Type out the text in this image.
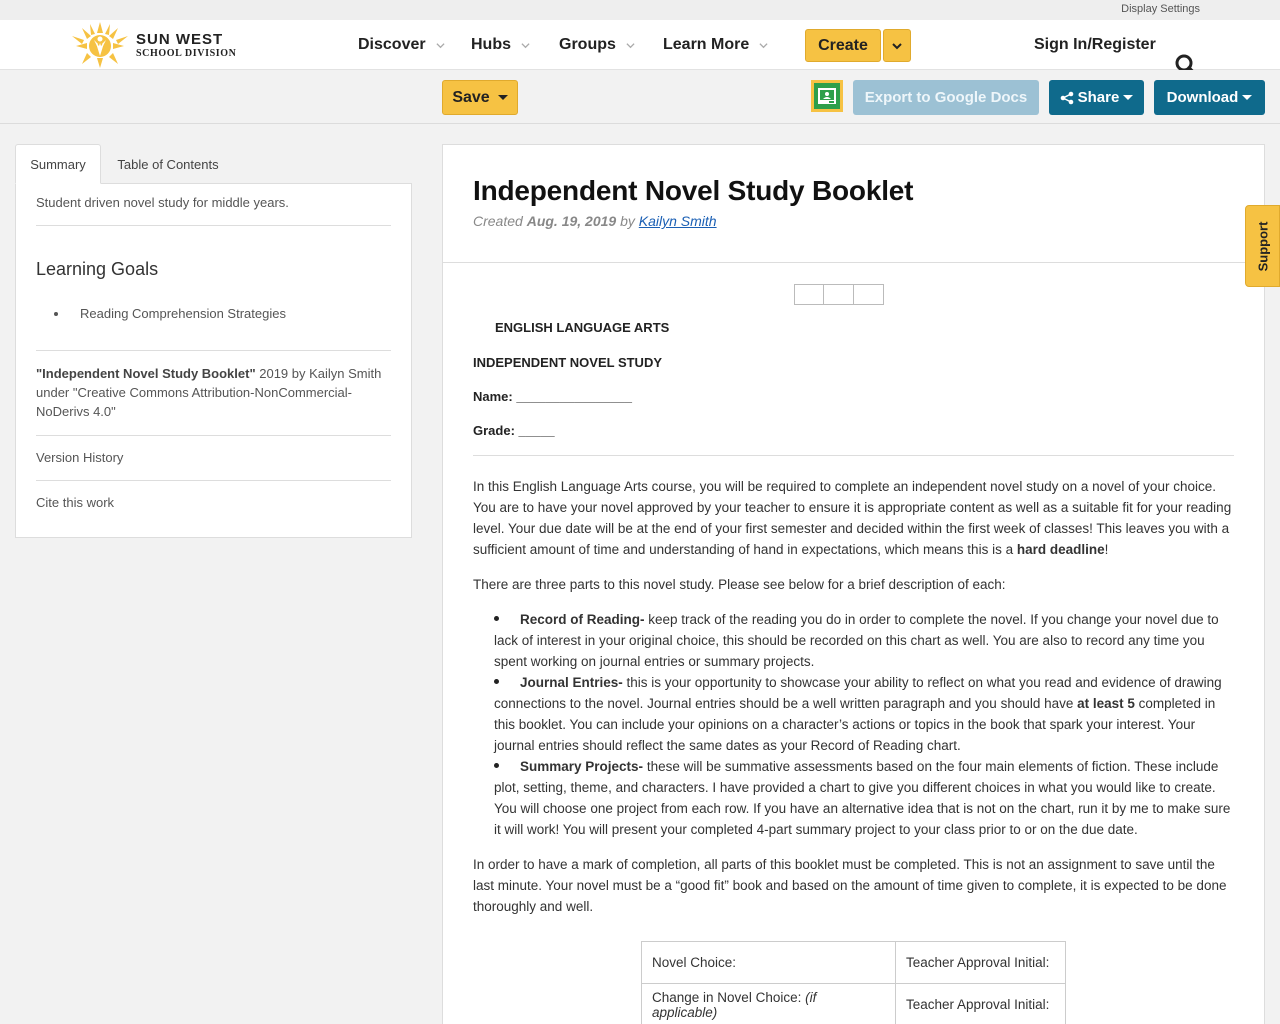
Display Settings
SUN WEST
SCHOOL DIVISION	Discover	Hubs	Groups	Learn More	Create	Sign In/Register
Save	Export to Google Docs	Share	Download
Summary	Table of Contents
Student driven novel study for middle years.
Learning Goals
Reading Comprehension Strategies
"Independent Novel Study Booklet" 2019 by Kailyn Smith under "Creative Commons Attribution-NonCommercial-NoDerivs 4.0"
Version History
Cite this work
Independent Novel Study Booklet
Created Aug. 19, 2019 by Kailyn Smith
ENGLISH LANGUAGE ARTS
INDEPENDENT NOVEL STUDY
Name: ________________
Grade: _____

In this English Language Arts course, you will be required to complete an independent novel study on a novel of your choice. You are to have your novel approved by your teacher to ensure it is appropriate content as well as a suitable fit for your reading level. Your due date will be at the end of your first semester and decided within the first week of classes! This leaves you with a sufficient amount of time and understanding of hand in expectations, which means this is a hard deadline!

There are three parts to this novel study. Please see below for a brief description of each:

Record of Reading- keep track of the reading you do in order to complete the novel. If you change your novel due to lack of interest in your original choice, this should be recorded on this chart as well. You are also to record any time you spent working on journal entries or summary projects.
Journal Entries- this is your opportunity to showcase your ability to reflect on what you read and evidence of drawing connections to the novel. Journal entries should be a well written paragraph and you should have at least 5 completed in this booklet. You can include your opinions on a character’s actions or topics in the book that spark your interest. Your journal entries should reflect the same dates as your Record of Reading chart.
Summary Projects- these will be summative assessments based on the four main elements of fiction. These include plot, setting, theme, and characters. I have provided a chart to give you different choices in what you would like to create. You will choose one project from each row. If you have an alternative idea that is not on the chart, run it by me to make sure it will work! You will present your completed 4-part summary project to your class prior to or on the due date.

In order to have a mark of completion, all parts of this booklet must be completed. This is not an assignment to save until the last minute. Your novel must be a “good fit” book and based on the amount of time given to complete, it is expected to be done thoroughly and well.

Novel Choice:	Teacher Approval Initial:
Change in Novel Choice: (if applicable)	Teacher Approval Initial:
Support
